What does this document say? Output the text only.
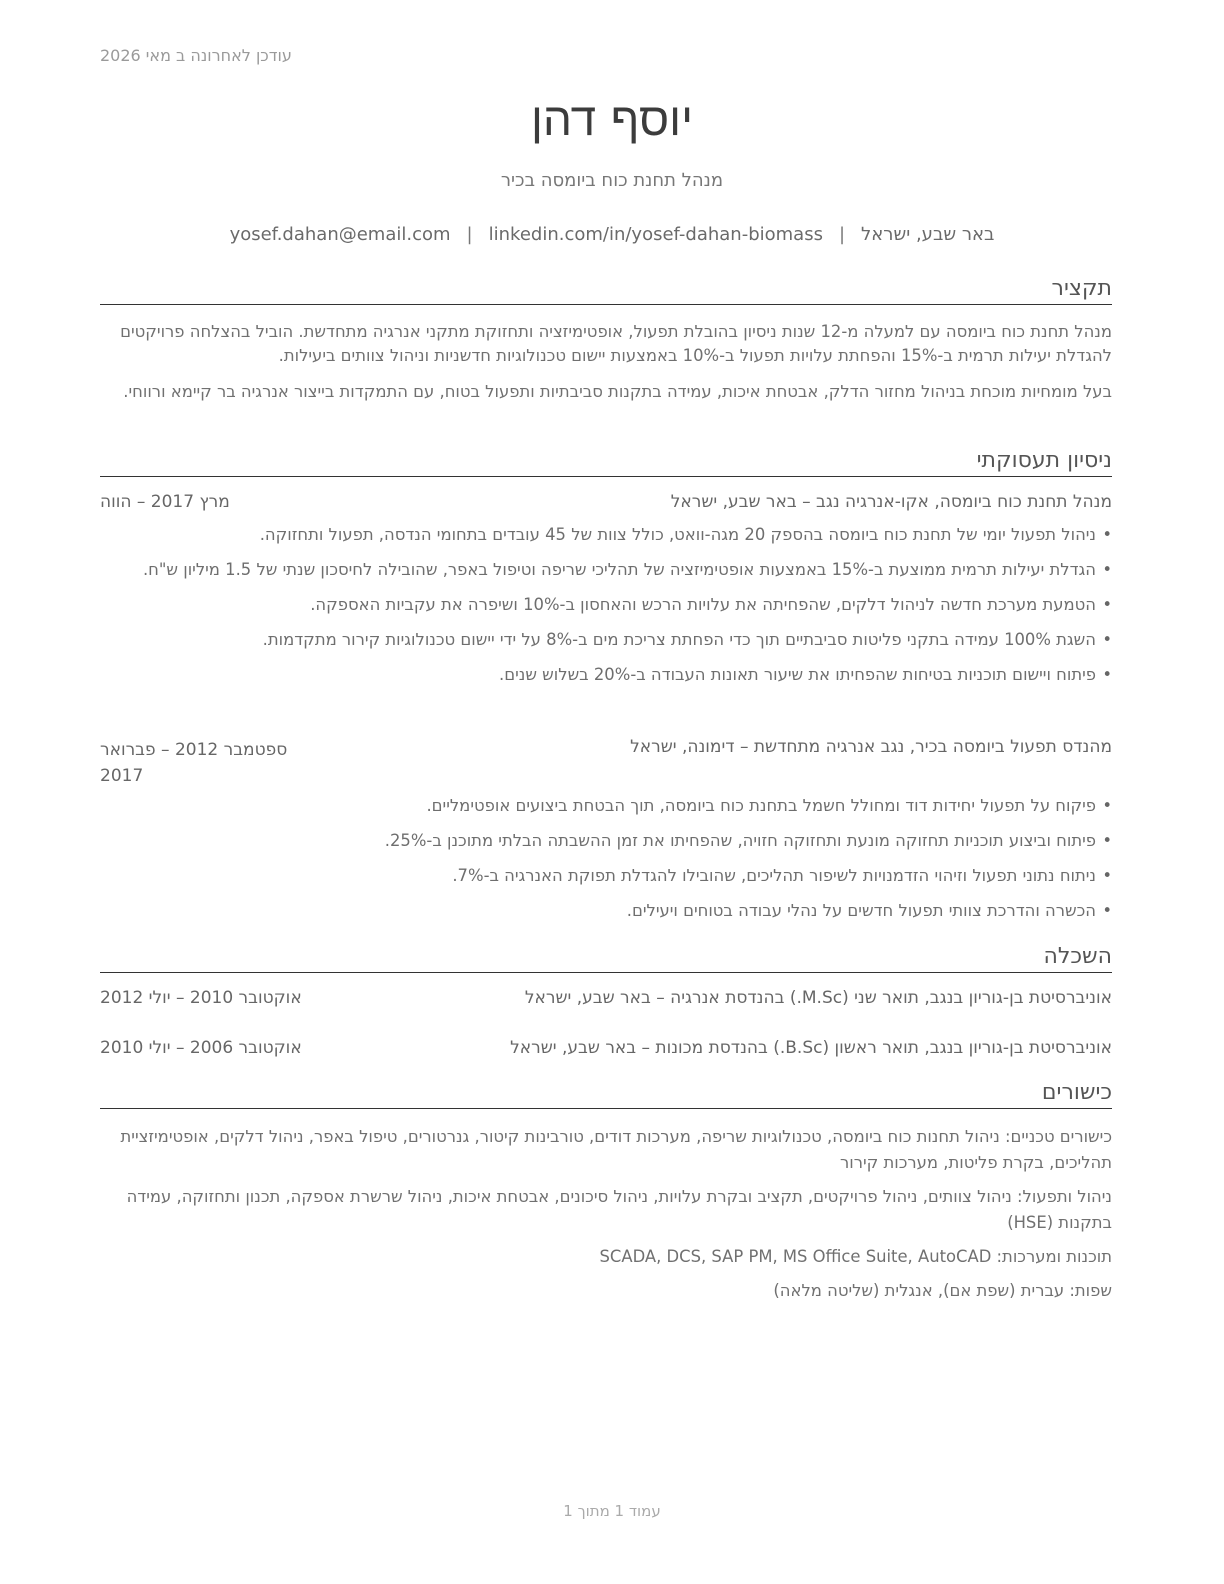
עודכן לאחרונה ב מאי 2026
יוסף דהן
מנהל תחנת כוח ביומסה בכיר
באר שבע, ישראל|yosef.dahan@email.com | linkedin.com/in/yosef-dahan-biomass
תקציר
מנהל תחנת כוח ביומסה עם למעלה מ-12 שנות ניסיון בהובלת תפעול, אופטימיזציה ותחזוקת מתקני אנרגיה מתחדשת. הוביל בהצלחה פרויקטים להגדלת יעילות תרמית ב-15% והפחתת עלויות תפעול ב-10% באמצעות יישום טכנולוגיות חדשניות וניהול צוותים ביעילות.
בעל מומחיות מוכחת בניהול מחזור הדלק, אבטחת איכות, עמידה בתקנות סביבתיות ותפעול בטוח, עם התמקדות בייצור אנרגיה בר קיימא ורווחי.
ניסיון תעסוקתי
מנהל תחנת כוח ביומסה, אקו-אנרגיה נגב – באר שבע, ישראל
מרץ 2017 – הווה
• ניהול תפעול יומי של תחנת כוח ביומסה בהספק 20 מגה-וואט, כולל צוות של 45 עובדים בתחומי הנדסה, תפעול ותחזוקה.
• הגדלת יעילות תרמית ממוצעת ב-15% באמצעות אופטימיזציה של תהליכי שריפה וטיפול באפר, שהובילה לחיסכון שנתי של 1.5 מיליון ש"ח.
• הטמעת מערכת חדשה לניהול דלקים, שהפחיתה את עלויות הרכש והאחסון ב-10% ושיפרה את עקביות האספקה.
• השגת 100% עמידה בתקני פליטות סביבתיים תוך כדי הפחתת צריכת מים ב-8% על ידי יישום טכנולוגיות קירור מתקדמות.
• פיתוח ויישום תוכניות בטיחות שהפחיתו את שיעור תאונות העבודה ב-20% בשלוש שנים.
מהנדס תפעול ביומסה בכיר, נגב אנרגיה מתחדשת – דימונה, ישראל
ספטמבר 2012 – פברואר 2017
• פיקוח על תפעול יחידות דוד ומחולל חשמל בתחנת כוח ביומסה, תוך הבטחת ביצועים אופטימליים.
• פיתוח וביצוע תוכניות תחזוקה מונעת ותחזוקה חזויה, שהפחיתו את זמן ההשבתה הבלתי מתוכנן ב-25%.
• ניתוח נתוני תפעול וזיהוי הזדמנויות לשיפור תהליכים, שהובילו להגדלת תפוקת האנרגיה ב-7%.
• הכשרה והדרכת צוותי תפעול חדשים על נהלי עבודה בטוחים ויעילים.
השכלה
אוניברסיטת בן-גוריון בנגב, תואר שני (M.Sc.) בהנדסת אנרגיה – באר שבע, ישראל
אוקטובר 2010 – יולי 2012
אוניברסיטת בן-גוריון בנגב, תואר ראשון (B.Sc.) בהנדסת מכונות – באר שבע, ישראל
אוקטובר 2006 – יולי 2010
כישורים
כישורים טכניים: ניהול תחנות כוח ביומסה, טכנולוגיות שריפה, מערכות דודים, טורבינות קיטור, גנרטורים, טיפול באפר, ניהול דלקים, אופטימיזציית תהליכים, בקרת פליטות, מערכות קירור
ניהול ותפעול: ניהול צוותים, ניהול פרויקטים, תקציב ובקרת עלויות, ניהול סיכונים, אבטחת איכות, ניהול שרשרת אספקה, תכנון ותחזוקה, עמידה בתקנות (HSE)
תוכנות ומערכות: SCADA, DCS, SAP PM, MS Office Suite, AutoCAD
שפות: עברית (שפת אם), אנגלית (שליטה מלאה)
עמוד 1 מתוך 1
